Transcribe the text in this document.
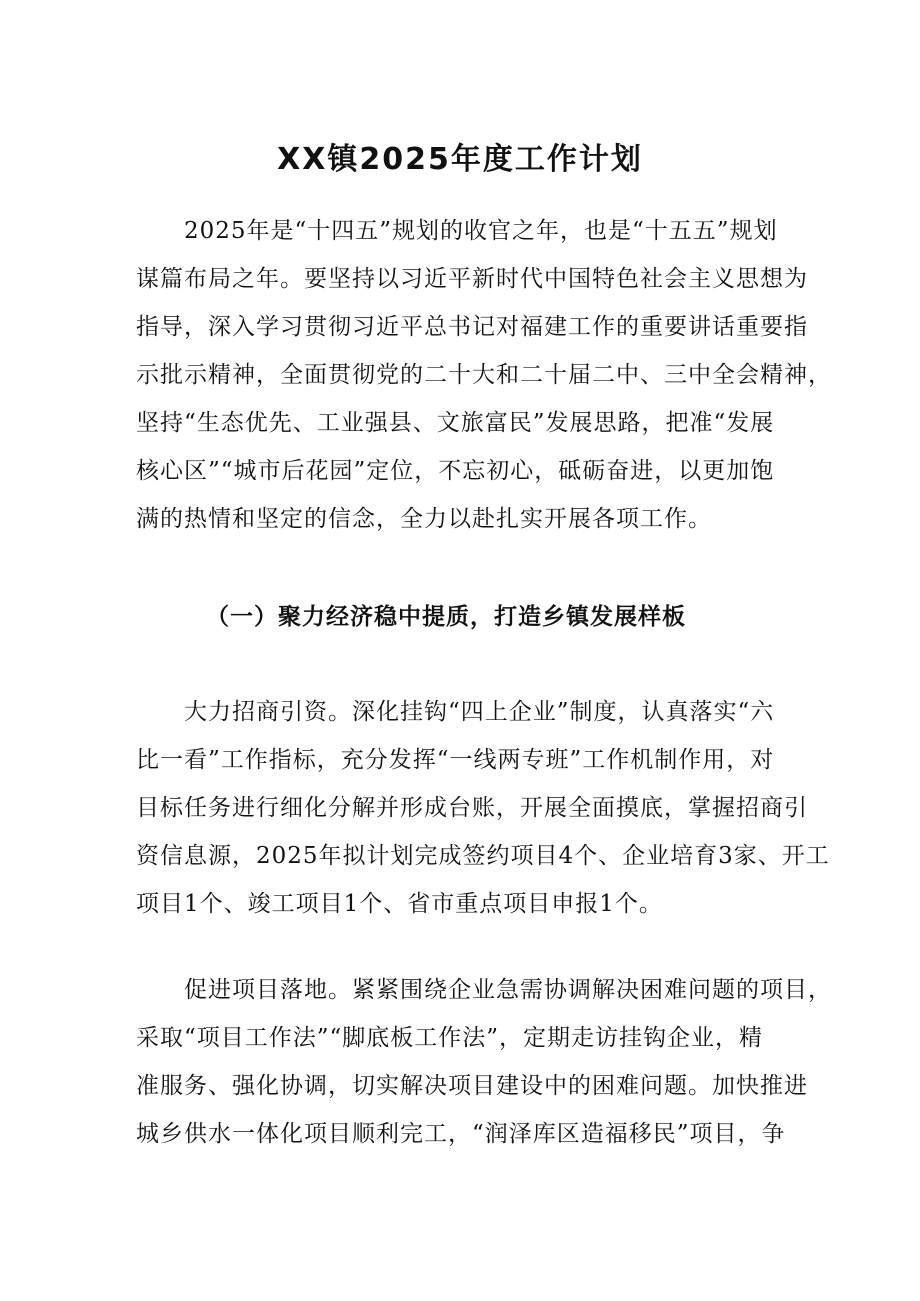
XX镇2025年度工作计划
2025年是“十四五”规划的收官之年，也是“十五五”规划
谋篇布局之年。要坚持以习近平新时代中国特色社会主义思想为
指导，深入学习贯彻习近平总书记对福建工作的重要讲话重要指
示批示精神，全面贯彻党的二十大和二十届二中、三中全会精神，
坚持“生态优先、工业强县、文旅富民”发展思路，把准“发展
核心区”“城市后花园”定位，不忘初心，砥砺奋进，以更加饱
满的热情和坚定的信念，全力以赴扎实开展各项工作。
（一）聚力经济稳中提质，打造乡镇发展样板
大力招商引资。深化挂钩“四上企业”制度，认真落实“六
比一看”工作指标，充分发挥“一线两专班”工作机制作用，对
目标任务进行细化分解并形成台账，开展全面摸底，掌握招商引
资信息源，2025年拟计划完成签约项目4个、企业培育3家、开工
项目1个、竣工项目1个、省市重点项目申报1个。
促进项目落地。紧紧围绕企业急需协调解决困难问题的项目，
采取“项目工作法”“脚底板工作法”，定期走访挂钩企业，精
准服务、强化协调，切实解决项目建设中的困难问题。加快推进
城乡供水一体化项目顺利完工，“润泽库区造福移民”项目，争
